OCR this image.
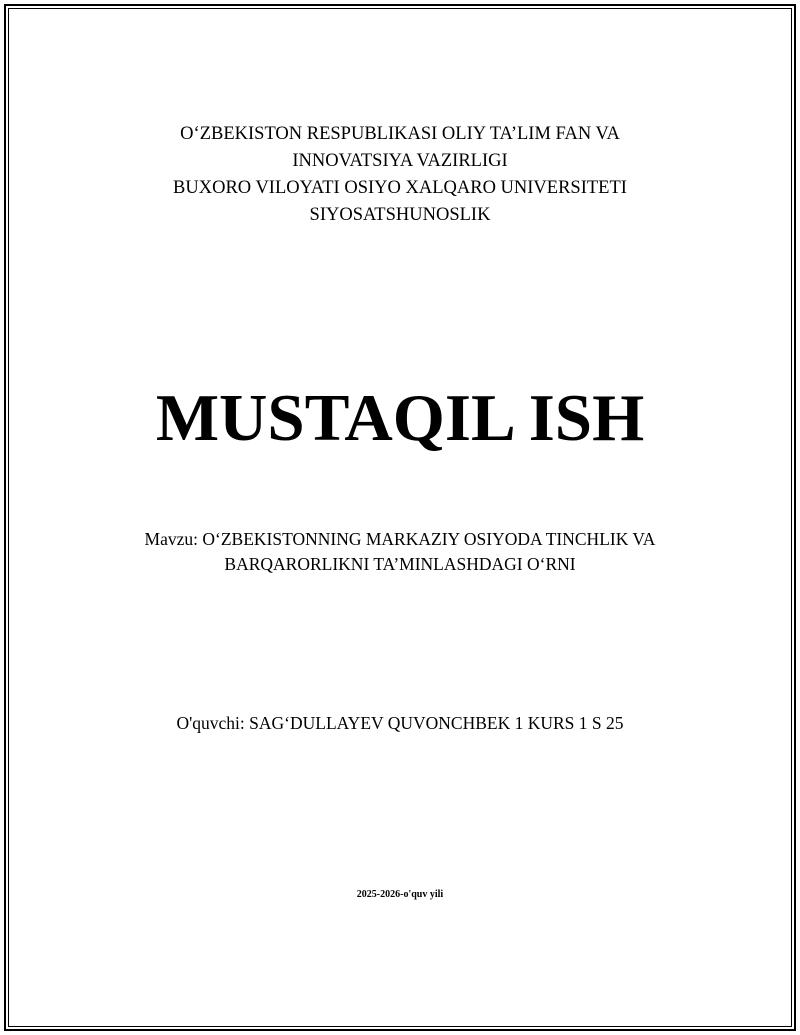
O‘ZBEKISTON RESPUBLIKASI OLIY TA’LIM FAN VA
INNOVATSIYA VAZIRLIGI
BUXORO VILOYATI OSIYO XALQARO UNIVERSITETI
SIYOSATSHUNOSLIK
MUSTAQIL ISH
Mavzu: O‘ZBEKISTONNING MARKAZIY OSIYODA TINCHLIK VA
BARQARORLIKNI TA’MINLASHDAGI O‘RNI
O'quvchi: SAG‘DULLAYEV QUVONCHBEK 1 KURS 1 S 25
2025-2026-o'quv yili
